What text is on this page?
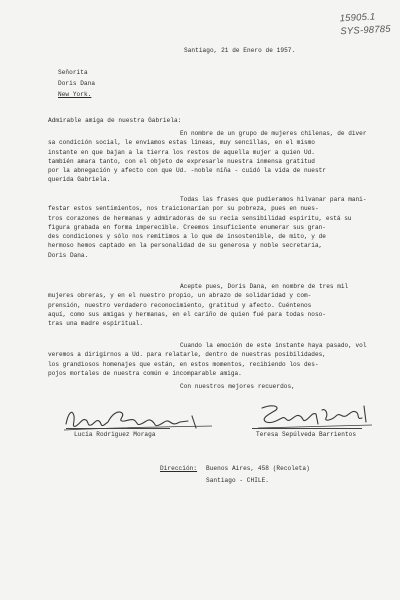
15905.1
SYS-98785
Santiago, 21 de Enero de 1957.
Señorita
Doris Dana
New York.
Admirable amiga de nuestra Gabriela:
En nombre de un grupo de mujeres chilenas, de diver
sa condición social, le enviamos estas líneas, muy sencillas, en el mismo
instante en que bajan a la tierra los restos de aquella mujer a quien Ud.
también amara tanto, con el objeto de expresarle nuestra inmensa gratitud
por la abnegación y afecto con que Ud. -noble niña - cuidó la vida de nuestr
querida Gabriela.
Todas las frases que pudieramos hilvanar para mani-
festar estos sentimientos, nos traicionarían por su pobreza, pues en nues-
tros corazones de hermanas y admiradoras de su recia sensibilidad espíritu, está su
figura grabada en forma imperecible. Creemos insuficiente enumerar sus gran-
des condiciones y sólo nos remitimos a lo que de insostenible, de mito, y de
hermoso hemos captado en la personalidad de su generosa y noble secretaria,
Doris Dana.
Acepte pues, Doris Dana, en nombre de tres mil
mujeres obreras, y en el nuestro propio, un abrazo de solidaridad y com-
prensión, nuestro verdadero reconocimiento, gratitud y afecto. Cuéntenos
aquí, como sus amigas y hermanas, en el cariño de quien fué para todas noso-
tras una madre espiritual.
Cuando la emoción de este instante haya pasado, vol
veremos a dirigirnos a Ud. para relatarle, dentro de nuestras posibilidades,
los grandiosos homenajes que están, en estos momentos, recibiendo los des-
pojos mortales de nuestra común e incomparable amiga.
Con nuestros mejores recuerdos,
Lucía Rodriguez Moraga	Teresa Sepúlveda Barrientos
Dirección: Buenos Aires, 458 (Recoleta)
Santiago - CHILE.
